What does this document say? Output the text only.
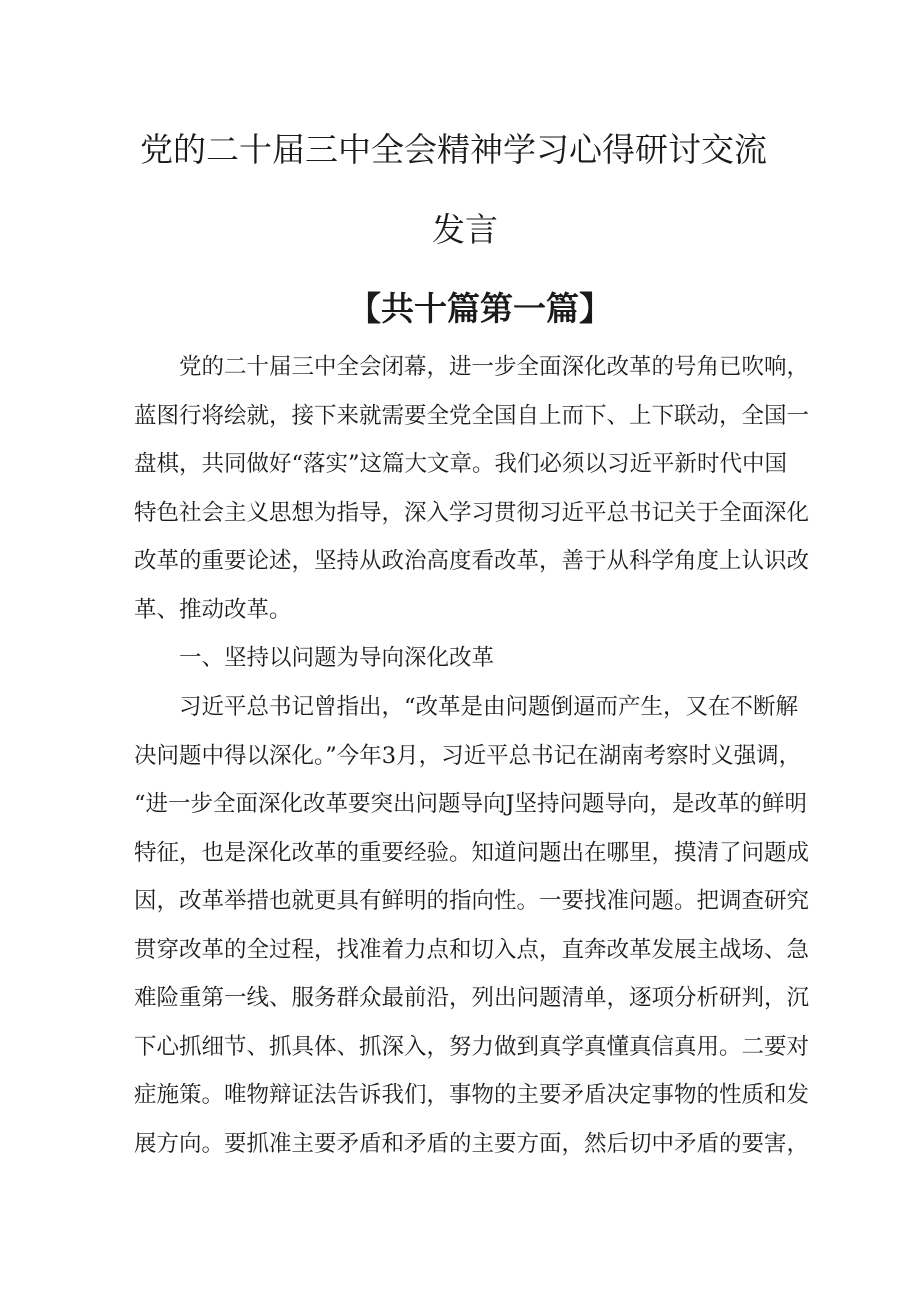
党的二十届三中全会精神学习心得研讨交流
发言
【共十篇第一篇】
党的二十届三中全会闭幕，进一步全面深化改革的号角已吹响，
蓝图行将绘就，接下来就需要全党全国自上而下、上下联动，全国一
盘棋，共同做好“落实”这篇大文章。我们必须以习近平新时代中国
特色社会主义思想为指导，深入学习贯彻习近平总书记关于全面深化
改革的重要论述，坚持从政治高度看改革，善于从科学角度上认识改
革、推动改革。
一、坚持以问题为导向深化改革
习近平总书记曾指出，“改革是由问题倒逼而产生，又在不断解
决问题中得以深化。”今年3月，习近平总书记在湖南考察时义强调，
“进一步全面深化改革要突出问题导向J坚持问题导向，是改革的鲜明
特征，也是深化改革的重要经验。知道问题出在哪里，摸清了问题成
因，改革举措也就更具有鲜明的指向性。一要找准问题。把调查研究
贯穿改革的全过程，找准着力点和切入点，直奔改革发展主战场、急
难险重第一线、服务群众最前沿，列出问题清单，逐项分析研判，沉
下心抓细节、抓具体、抓深入，努力做到真学真懂真信真用。二要对
症施策。唯物辩证法告诉我们，事物的主要矛盾决定事物的性质和发
展方向。要抓准主要矛盾和矛盾的主要方面，然后切中矛盾的要害，
